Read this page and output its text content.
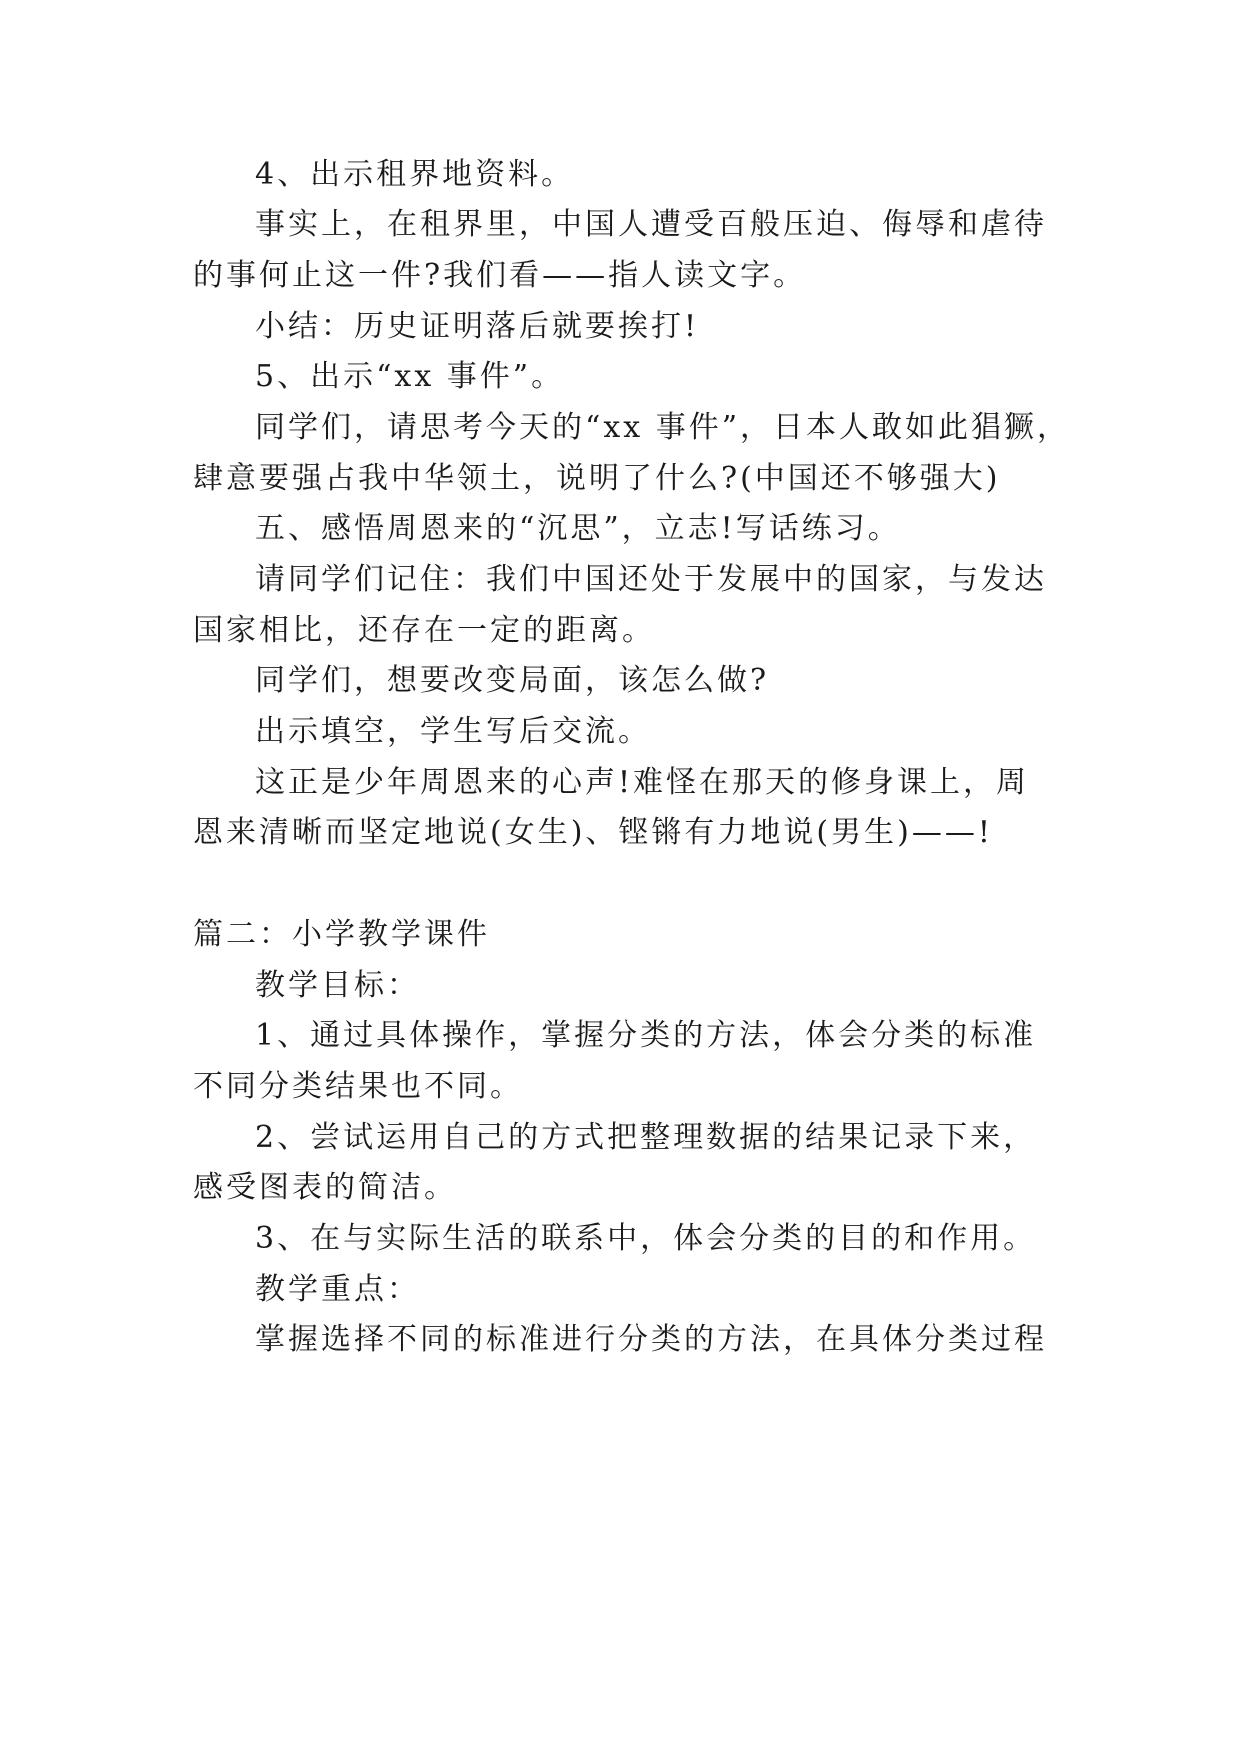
4、出示租界地资料。
事实上，在租界里，中国人遭受百般压迫、侮辱和虐待
的事何止这一件?我们看——指人读文字。
小结：历史证明落后就要挨打!
5、出示“xx 事件”。
同学们，请思考今天的“xx 事件”，日本人敢如此猖獗，
肆意要强占我中华领土，说明了什么?(中国还不够强大)
五、感悟周恩来的“沉思”，立志!写话练习。
请同学们记住：我们中国还处于发展中的国家，与发达
国家相比，还存在一定的距离。
同学们，想要改变局面，该怎么做?
出示填空，学生写后交流。
这正是少年周恩来的心声!难怪在那天的修身课上，周
恩来清晰而坚定地说(女生)、铿锵有力地说(男生)——!
篇二：小学教学课件
教学目标：
1、通过具体操作，掌握分类的方法，体会分类的标准
不同分类结果也不同。
2、尝试运用自己的方式把整理数据的结果记录下来，
感受图表的简洁。
3、在与实际生活的联系中，体会分类的目的和作用。
教学重点：
掌握选择不同的标准进行分类的方法，在具体分类过程
